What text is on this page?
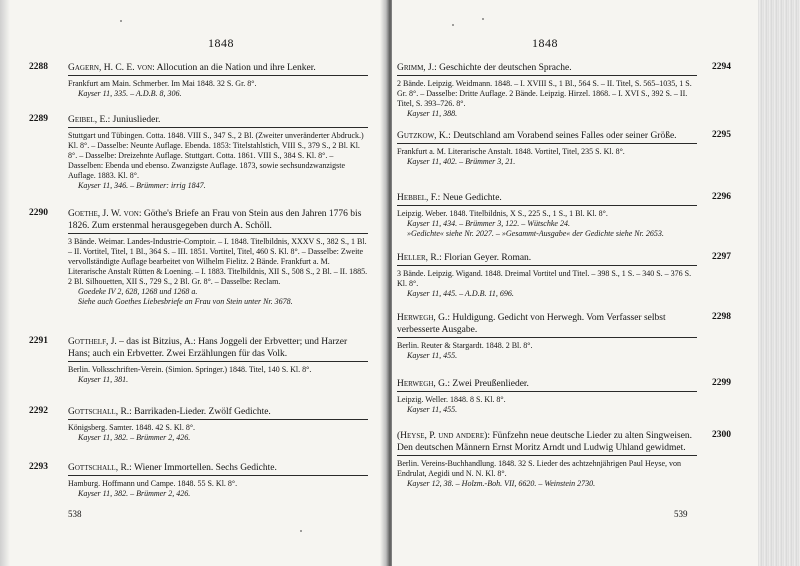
1848
2288 Gagern, H. C. E. von: Allocution an die Nation und ihre Lenker.

Frankfurt am Main. Schmerber. Im Mai 1848. 32 S. Gr. 8°.

Kayser 11, 335. – A.D.B. 8, 306.

2289 Geibel, E.: Juniuslieder.

Stuttgart und Tübingen. Cotta. 1848. VIII S., 347 S., 2 Bl. (Zweiter unveränderter Abdruck.) Kl. 8°. – Dasselbe: Neunte Auflage. Ebenda. 1853: Titelstahlstich, VIII S., 379 S., 2 Bl. Kl. 8°. – Dasselbe: Dreizehnte Auflage. Stuttgart. Cotta. 1861. VIII S., 384 S. Kl. 8°. – Dasselben: Ebenda und ebenso. Zwanzigste Auflage. 1873, sowie sechsundzwanzigste Auflage. 1883. Kl. 8°.

Kayser 11, 346. – Brümmer: irrig 1847.

2290 Goethe, J. W. von: Göthe's Briefe an Frau von Stein aus den Jahren 1776 bis 1826. Zum erstenmal herausgegeben durch A. Schöll.

3 Bände. Weimar. Landes-Industrie-Comptoir. – I. 1848. Titelbildnis, XXXV S., 382 S., 1 Bl. – II. Vortitel, Titel, 1 Bl., 364 S. – III. 1851. Vortitel, Titel, 460 S. Kl. 8°. – Dasselbe: Zweite vervollständigte Auflage bearbeitet von Wilhelm Fielitz. 2 Bände. Frankfurt a. M. Literarische Anstalt Rütten & Loening. – I. 1883. Titelbildnis, XII S., 508 S., 2 Bl. – II. 1885. 2 Bl. Silhouetten, XII S., 729 S., 2 Bl. Gr. 8°. – Dasselbe: Reclam.

Goedeke IV 2, 628, 1268 und 1268 a.

Siehe auch Goethes Liebesbriefe an Frau von Stein unter Nr. 3678.

2291 Gotthelf, J. – das ist Bitzius, A.: Hans Joggeli der Erbvetter; und Harzer Hans; auch ein Erbvetter. Zwei Erzählungen für das Volk.

Berlin. Volksschriften-Verein. (Simion. Springer.) 1848. Titel, 140 S. Kl. 8°.

Kayser 11, 381.

2292 Gottschall, R.: Barrikaden-Lieder. Zwölf Gedichte.

Königsberg. Samter. 1848. 42 S. Kl. 8°.

Kayser 11, 382. – Brümmer 2, 426.

2293 Gottschall, R.: Wiener Immortellen. Sechs Gedichte.

Hamburg. Hoffmann und Campe. 1848. 55 S. Kl. 8°.

Kayser 11, 382. – Brümmer 2, 426.

538
1848
2294

Grimm, J.: Geschichte der deutschen Sprache.

2 Bände. Leipzig. Weidmann. 1848. – I. XVIII S., 1 Bl., 564 S. – II. Titel, S. 565–1035, 1 S. Gr. 8°. – Dasselbe: Dritte Auflage. 2 Bände. Leipzig. Hirzel. 1868. – I. XVI S., 392 S. – II. Titel, S. 393–726. 8°.

Kayser 11, 388.

2295

Gutzkow, K.: Deutschland am Vorabend seines Falles oder seiner Größe.

Frankfurt a. M. Literarische Anstalt. 1848. Vortitel, Titel, 235 S. Kl. 8°.

Kayser 11, 402. – Brümmer 3, 21.

2296

Hebbel, F.: Neue Gedichte.

Leipzig. Weber. 1848. Titelbildnis, X S., 225 S., 1 S., 1 Bl. Kl. 8°.

Kayser 11, 434. – Brümmer 3, 122. – Wütschke 24.

»Gedichte« siehe Nr. 2027. – »Gesammt-Ausgabe« der Gedichte siehe Nr. 2653.

2297

Heller, R.: Florian Geyer. Roman.

3 Bände. Leipzig. Wigand. 1848. Dreimal Vortitel und Titel. – 398 S., 1 S. – 340 S. – 376 S. Kl. 8°.

Kayser 11, 445. – A.D.B. 11, 696.

2298

Herwegh, G.: Huldigung. Gedicht von Herwegh. Vom Verfasser selbst verbesserte Ausgabe.

Berlin. Reuter & Stargardt. 1848. 2 Bl. 8°.

Kayser 11, 455.

2299

Herwegh, G.: Zwei Preußenlieder.

Leipzig. Weller. 1848. 8 S. Kl. 8°.

Kayser 11, 455.

2300

(Heyse, P. und andere): Fünfzehn neue deutsche Lieder zu alten Singweisen. Den deutschen Männern Ernst Moritz Arndt und Ludwig Uhland gewidmet.

Berlin. Vereins-Buchhandlung. 1848. 32 S. Lieder des achtzehnjährigen Paul Heyse, von Endrulat, Aegidi und N. N. Kl. 8°.

Kayser 12, 38. – Holzm.-Boh. VII, 6620. – Weinstein 2730.

539
